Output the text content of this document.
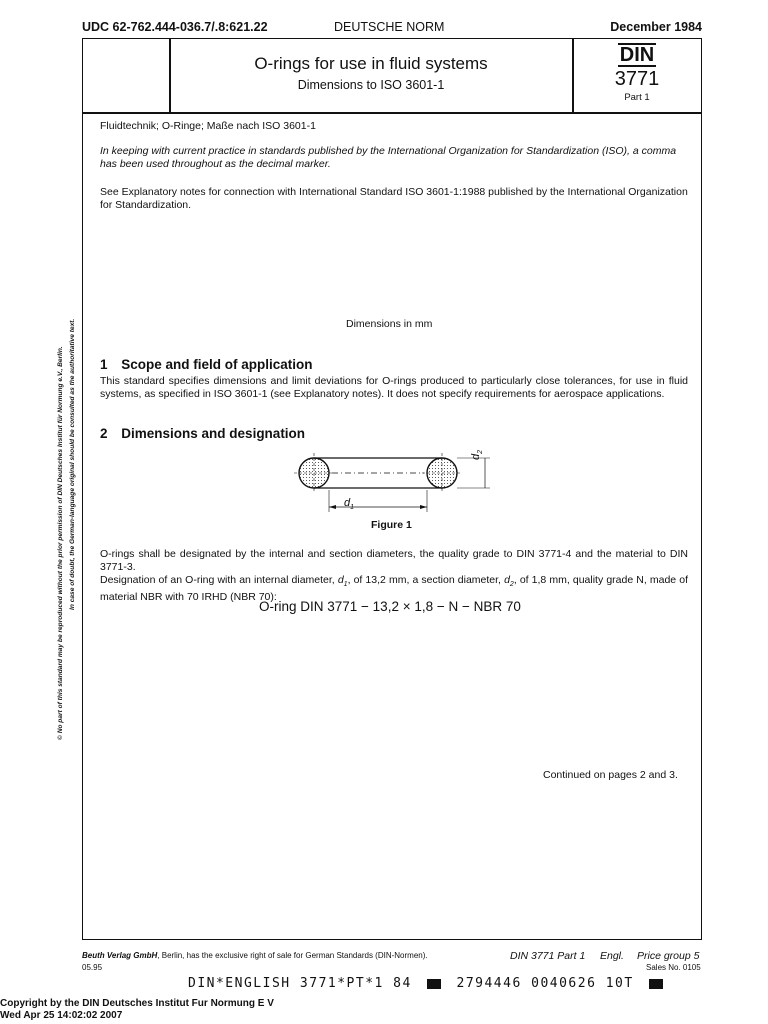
UDC 62-762.444-036.7/.8:621.22	DEUTSCHE NORM	December 1984
O-rings for use in fluid systems
Dimensions to ISO 3601-1
DIN
3771
Part 1
© No part of this standard may be reproduced without the prior permission of DIN Deutsches Institut für Normung e.V., Berlin. In case of doubt, the German-language original should be consulted as the authoritative text.
Fluidtechnik; O-Ringe; Maße nach ISO 3601-1
In keeping with current practice in standards published by the International Organization for Standardization (ISO), a comma has been used throughout as the decimal marker.
See Explanatory notes for connection with International Standard ISO 3601-1:1988 published by the International Organization for Standardization.
Dimensions in mm
1 Scope and field of application
This standard specifies dimensions and limit deviations for O-rings produced to particularly close tolerances, for use in fluid systems, as specified in ISO 3601-1 (see Explanatory notes). It does not specify requirements for aerospace applications.
2 Dimensions and designation
$d_1$
$d_2$
Figure 1
O-rings shall be designated by the internal and section diameters, the quality grade to DIN 3771-4 and the material to DIN 3771-3.
Designation of an O-ring with an internal diameter, $d_1$, of 13,2 mm, a section diameter, $d_2$, of 1,8 mm, quality grade N, made of material NBR with 70 IRHD (NBR 70):
O-ring DIN 3771 − 13,2 × 1,8 − N − NBR 70
Continued on pages 2 and 3.
Beuth Verlag GmbH, Berlin, has the exclusive right of sale for German Standards (DIN-Normen).
05.95
DIN 3771 Part 1 Engl. Price group 5
Sales No. 0105
DIN*ENGLISH 3771*PT*1 84	2794446 0040626 10T
Copyright by the DIN Deutsches Institut Fur Normung E V
Wed Apr 25 14:02:02 2007
